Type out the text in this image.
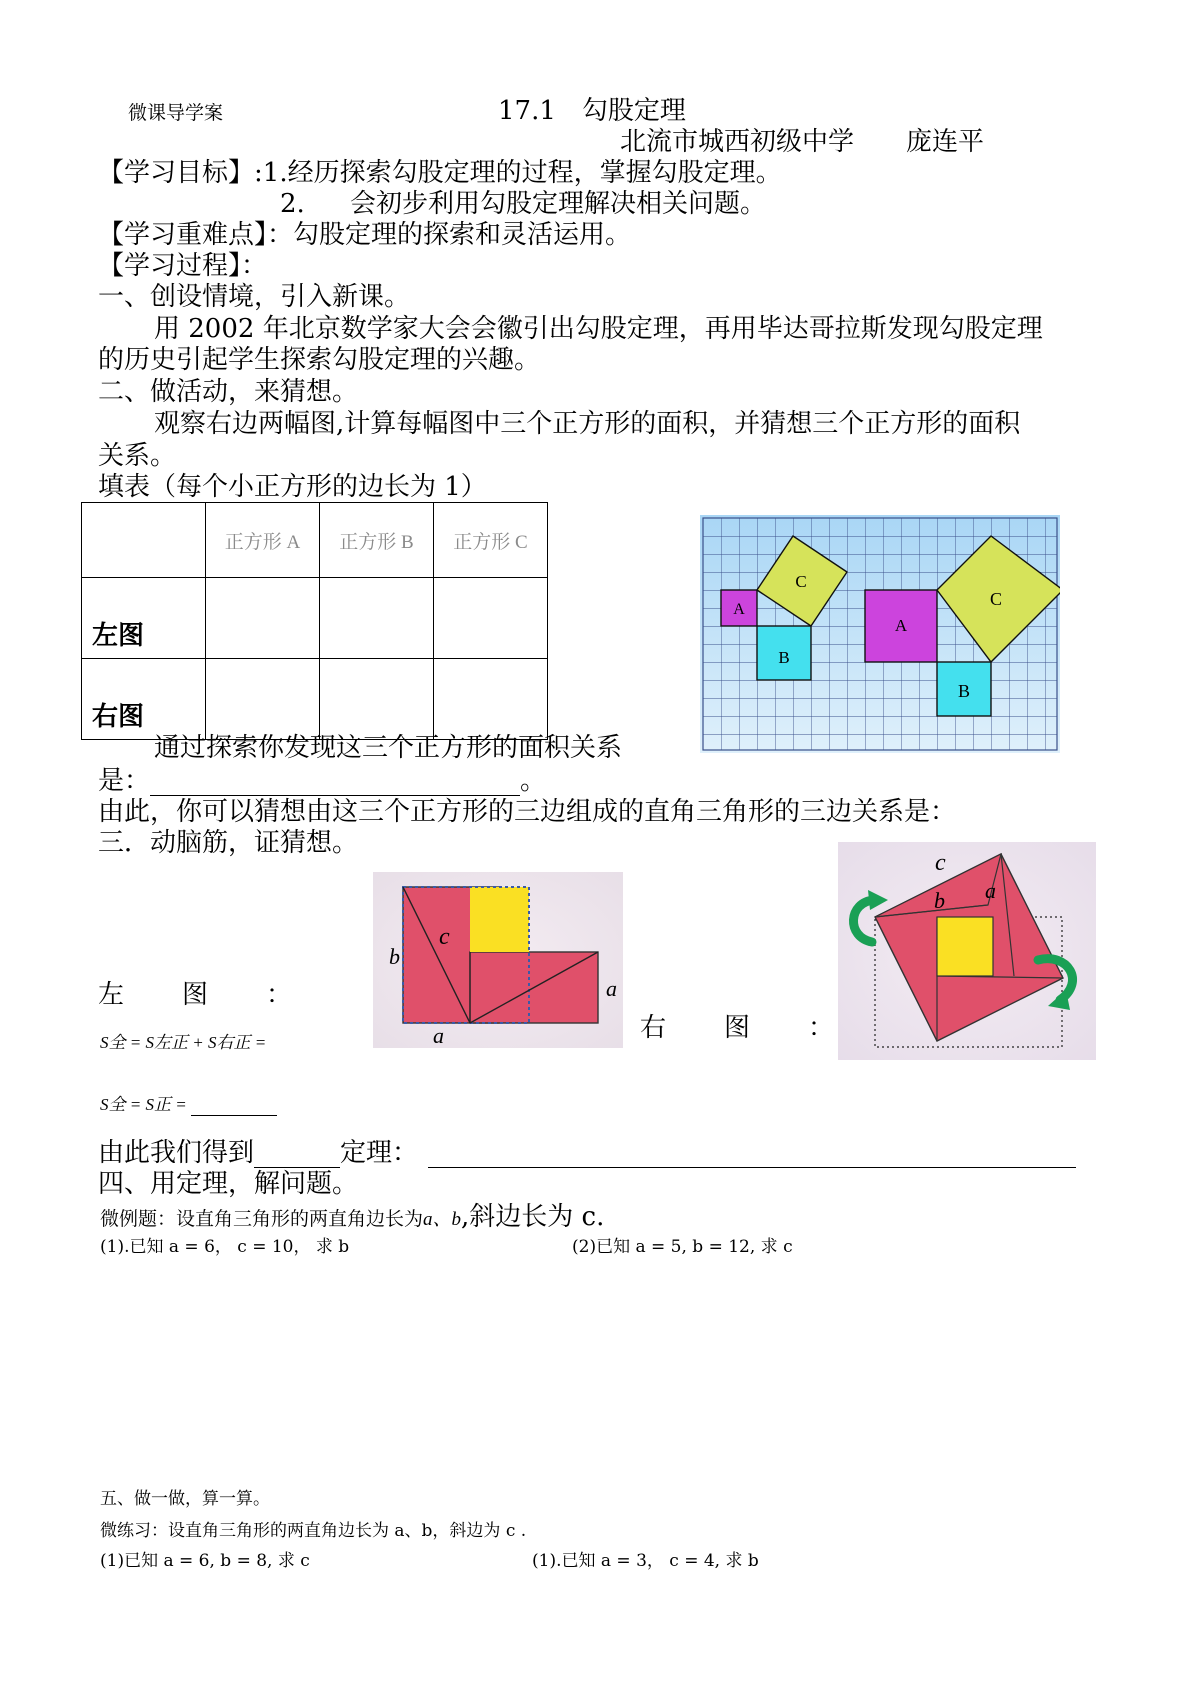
微课导学案	17.1　勾股定理
北流市城西初级中学　　庞连平
【学习目标】:1.经历探索勾股定理的过程，掌握勾股定理。
2. 会初步利用勾股定理解决相关问题。
【学习重难点】：勾股定理的探索和灵活运用。
【学习过程】：
一、创设情境，引入新课。
用 2002 年北京数学家大会会徽引出勾股定理，再用毕达哥拉斯发现勾股定理
的历史引起学生探索勾股定理的兴趣。
二、做活动，来猜想。
观察右边两幅图,计算每幅图中三个正方形的面积，并猜想三个正方形的面积
关系。
填表（每个小正方形的边长为 1）
	正方形 A	正方形 B	正方形 C
左图			
右图			
A
B
C
A
B
C
通过探索你发现这三个正方形的面积关系
是：	。
由此，你可以猜想由这三个正方形的三边组成的直角三角形的三边关系是：
三．动脑筋，证猜想。
b
c
a
a
c
a
b
左　　图　　：
右　　图　　：
S全 = S左正 + S右正 =
S全 = S正 =
由此我们得到	定理：
四、用定理，解问题。
微例题：设直角三角形的两直角边长为a、b,斜边长为 c.
(1).已知 a = 6， c = 10， 求 b	(2)已知 a = 5, b = 12, 求 c
五、做一做，算一算。
微练习：设直角三角形的两直角边长为 a、b，斜边为 c .
(1)已知 a = 6, b = 8, 求 c	(1).已知 a = 3， c = 4, 求 b
